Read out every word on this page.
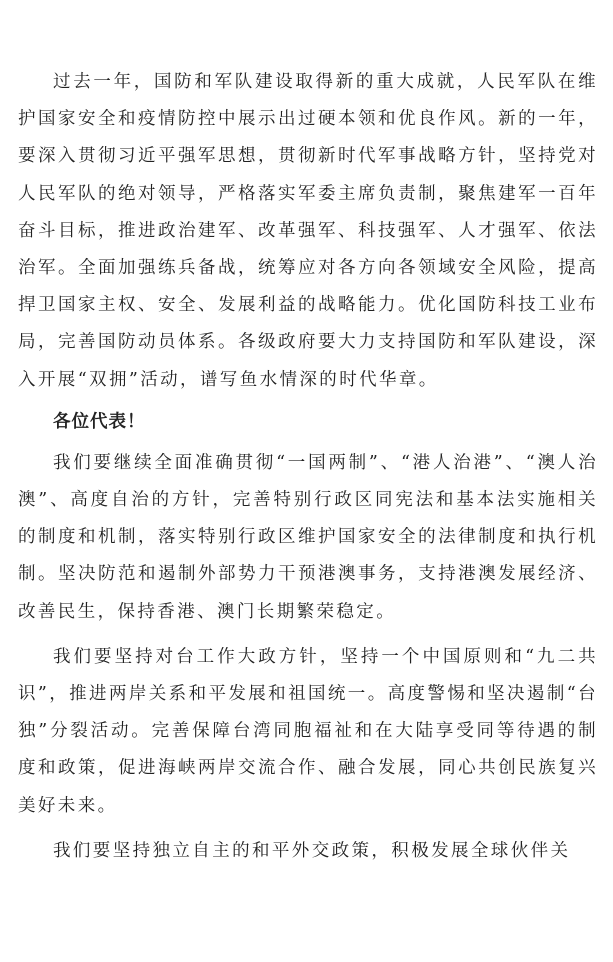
过去一年，国防和军队建设取得新的重大成就，人民军队在维护国家安全和疫情防控中展示出过硬本领和优良作风。新的一年，要深入贯彻习近平强军思想，贯彻新时代军事战略方针，坚持党对人民军队的绝对领导，严格落实军委主席负责制，聚焦建军一百年奋斗目标，推进政治建军、改革强军、科技强军、人才强军、依法治军。全面加强练兵备战，统筹应对各方向各领域安全风险，提高捍卫国家主权、安全、发展利益的战略能力。优化国防科技工业布局，完善国防动员体系。各级政府要大力支持国防和军队建设，深入开展“双拥”活动，谱写鱼水情深的时代华章。

各位代表！

我们要继续全面准确贯彻“一国两制”、“港人治港”、“澳人治澳”、高度自治的方针，完善特别行政区同宪法和基本法实施相关的制度和机制，落实特别行政区维护国家安全的法律制度和执行机制。坚决防范和遏制外部势力干预港澳事务，支持港澳发展经济、改善民生，保持香港、澳门长期繁荣稳定。

我们要坚持对台工作大政方针，坚持一个中国原则和“九二共识”，推进两岸关系和平发展和祖国统一。高度警惕和坚决遏制“台独”分裂活动。完善保障台湾同胞福祉和在大陆享受同等待遇的制度和政策，促进海峡两岸交流合作、融合发展，同心共创民族复兴美好未来。

我们要坚持独立自主的和平外交政策，积极发展全球伙伴关
